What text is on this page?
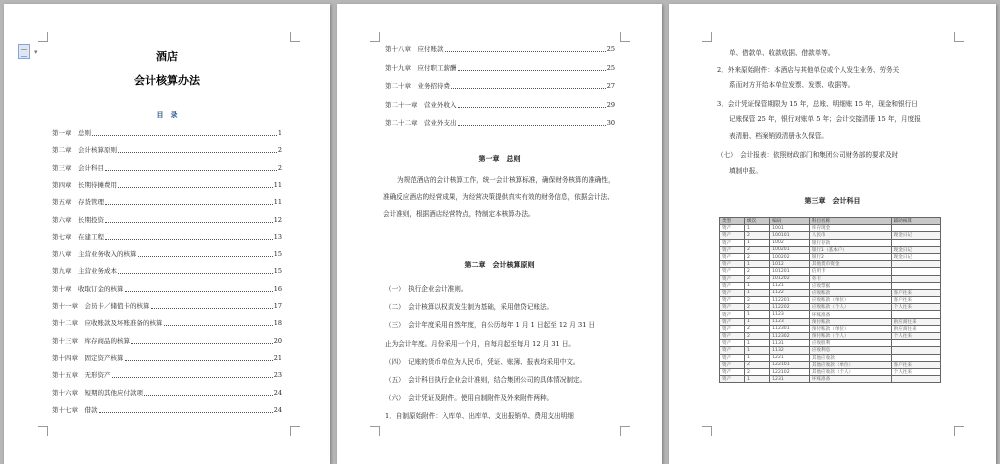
▾	酒店
会计核算办法
目　录
第一章　总则	1
第二章　会计核算原则	2
第三章　会计科目	2
第四章　长期待摊费用	11
第五章　存货管理	11
第六章　长期投资	12
第七章　在建工程	13
第八章　主营业务收入的核算	15
第九章　主营业务成本	15
第十章　收取订金的核算	16
第十一章　会员卡／储值卡的核算	17
第十二章　应收账款及坏账准备的核算	18
第十三章　库存商品的核算	20
第十四章　固定资产核算	21
第十五章　无形资产	23
第十六章　短期的其他应付款项	24
第十七章　借款	24
第十八章　应付账款	25
第十九章　应付职工薪酬	25
第二十章　业务招待费	27
第二十一章　营业外收入	29
第二十二章　营业外支出	30
第一章　总则
为规范酒店的会计核算工作，统一会计核算标准，确保财务核算的准确性，准确反应酒店的经营成果，为经营决策提供真实有效的财务信息，依据会计法、会计准则，根据酒店经营特点，特制定本核算办法。
第二章　会计核算原则
（一）　执行企业会计准则。
（二）　会计核算以权责发生制为基础，采用借贷记账法。
（三）　会计年度采用自然年度，自公历每年 1 月 1 日起至 12 月 31 日
止为会计年度。月份采用一个月，自每月起至每月 12 月 31 日。
（四）　记账的货币单位为人民币，凭证、账簿、报表均采用中文。
（五）　会计科目执行企业会计准则，结合集团公司的具体情况制定。
（六）　会计凭证及附件。使用自制附件及外来附件两种。
1．自制原始附件：入库单、出库单、支出报销单、费用支出明细
单、借款单、收款收据、借款单等。
2．外来原始附件：本酒店与其他单位或个人发生业务、劳务关
系而对方开给本单位发票、发票、收据等。
3．会计凭证保管期限为 15 年，总账、明细账 15 年，现金和银行日
记账保管 25 年，银行对账单 5 年；会计交接清册 15 年，月度报
表清册、档案销毁清册永久保管。
（七）　会计报表：依照财政部门和集团公司财务部的要求及时
填制申报。
第三章　会计科目
类型	级次	编码	科目名称	辅助核算
资产	1	1001	库存现金	
资产	2	100101	人民币	现金日记
资产	1	1002	银行存款	
资产	2	100201	银行1（基本户）	现金日记
资产	2	100202	银行2	现金日记
资产	1	1012	其他货币资金	
资产	2	101201	信用卡	
资产	2	101202	外卡	
资产	1	1121	应收票据	
资产	1	1122	应收账款	客户往来
资产	2	112201	应收账款（单位）	客户往来
资产	2	112202	应收账款（个人）	个人往来
资产	1	1123	坏账准备	
资产	1	1123	预付账款	供应商往来
资产	2	112301	预付账款（单位）	供应商往来
资产	2	112302	预付账款（个人）	个人往来
资产	1	1131	应收股利	
资产	1	1132	应收利息	
资产	1	1221	其他应收款	
资产	2	122101	其他应收款（单位）	客户往来
资产	2	122102	其他应收款（个人）	个人往来
资产	1	1231	坏账准备	
